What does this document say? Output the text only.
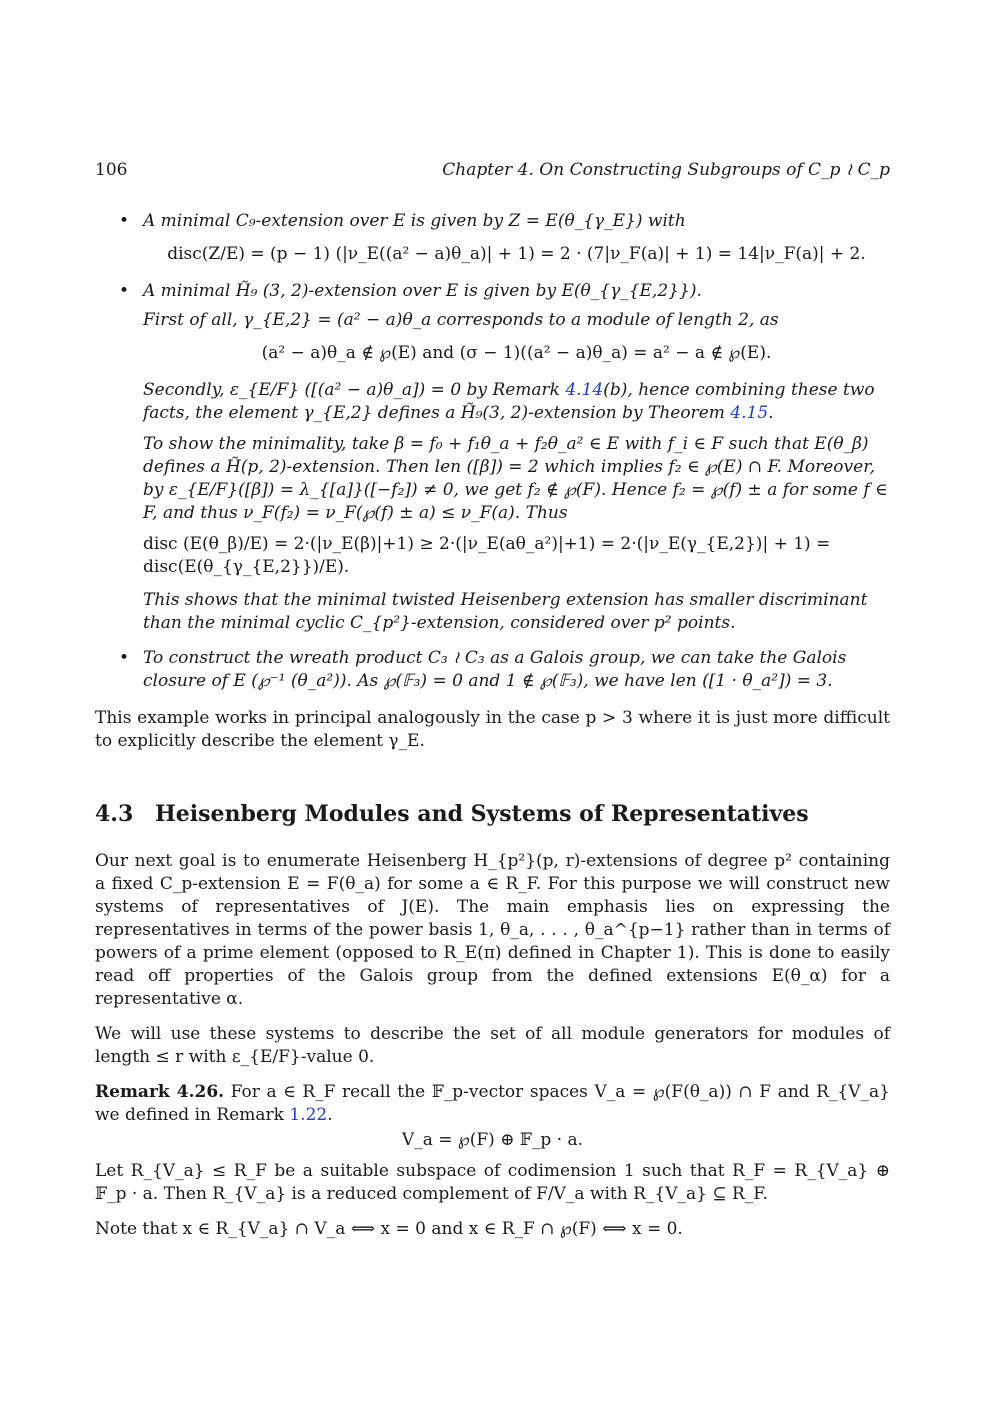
106	Chapter 4. On Constructing Subgroups of C_p ≀ C_p
• A minimal C₉-extension over E is given by Z = E(θ_{γ_E}) with
disc(Z/E) = (p − 1) (|ν_E((a² − a)θ_a)| + 1) = 2 · (7|ν_F(a)| + 1) = 14|ν_F(a)| + 2.
• A minimal H̃₉ (3, 2)-extension over E is given by E(θ_{γ_{E,2}}).
First of all, γ_{E,2} = (a² − a)θ_a corresponds to a module of length 2, as
(a² − a)θ_a ∉ ℘(E) and (σ − 1)((a² − a)θ_a) = a² − a ∉ ℘(E).
Secondly, ε_{E/F} ([(a² − a)θ_a]) = 0 by Remark 4.14(b), hence combining these two facts, the element γ_{E,2} defines a H̃₉(3, 2)-extension by Theorem 4.15.
To show the minimality, take β = f₀ + f₁θ_a + f₂θ_a² ∈ E with f_i ∈ F such that E(θ_β) defines a H̃(p, 2)-extension. Then len ([β]) = 2 which implies f₂ ∈ ℘(E) ∩ F. Moreover, by ε_{E/F}([β]) = λ_{[a]}([−f₂]) ≠ 0, we get f₂ ∉ ℘(F). Hence f₂ = ℘(f) ± a for some f ∈ F, and thus ν_F(f₂) = ν_F(℘(f) ± a) ≤ ν_F(a). Thus
disc (E(θ_β)/E) = 2·(|ν_E(β)|+1) ≥ 2·(|ν_E(aθ_a²)|+1) = 2·(|ν_E(γ_{E,2})| + 1) = disc(E(θ_{γ_{E,2}})/E).
This shows that the minimal twisted Heisenberg extension has smaller discriminant than the minimal cyclic C_{p²}-extension, considered over p² points.
• To construct the wreath product C₃ ≀ C₃ as a Galois group, we can take the Galois closure of E (℘⁻¹ (θ_a²)). As ℘(𝔽₃) = 0 and 1 ∉ ℘(𝔽₃), we have len ([1 · θ_a²]) = 3.
This example works in principal analogously in the case p > 3 where it is just more difficult to explicitly describe the element γ_E.
4.3 Heisenberg Modules and Systems of Representatives
Our next goal is to enumerate Heisenberg H_{p²}(p, r)-extensions of degree p² containing a fixed C_p-extension E = F(θ_a) for some a ∈ R_F. For this purpose we will construct new systems of representatives of J(E). The main emphasis lies on expressing the representatives in terms of the power basis 1, θ_a, . . . , θ_a^{p−1} rather than in terms of powers of a prime element (opposed to R_E(π) defined in Chapter 1). This is done to easily read off properties of the Galois group from the defined extensions E(θ_α) for a representative α.
We will use these systems to describe the set of all module generators for modules of length ≤ r with ε_{E/F}-value 0.
Remark 4.26. For a ∈ R_F recall the 𝔽_p-vector spaces V_a = ℘(F(θ_a)) ∩ F and R_{V_a} we defined in Remark 1.22.
V_a = ℘(F) ⊕ 𝔽_p · a.
Let R_{V_a} ≤ R_F be a suitable subspace of codimension 1 such that R_F = R_{V_a} ⊕ 𝔽_p · a. Then R_{V_a} is a reduced complement of F/V_a with R_{V_a} ⊆ R_F.
Note that x ∈ R_{V_a} ∩ V_a ⟺ x = 0 and x ∈ R_F ∩ ℘(F) ⟺ x = 0.
